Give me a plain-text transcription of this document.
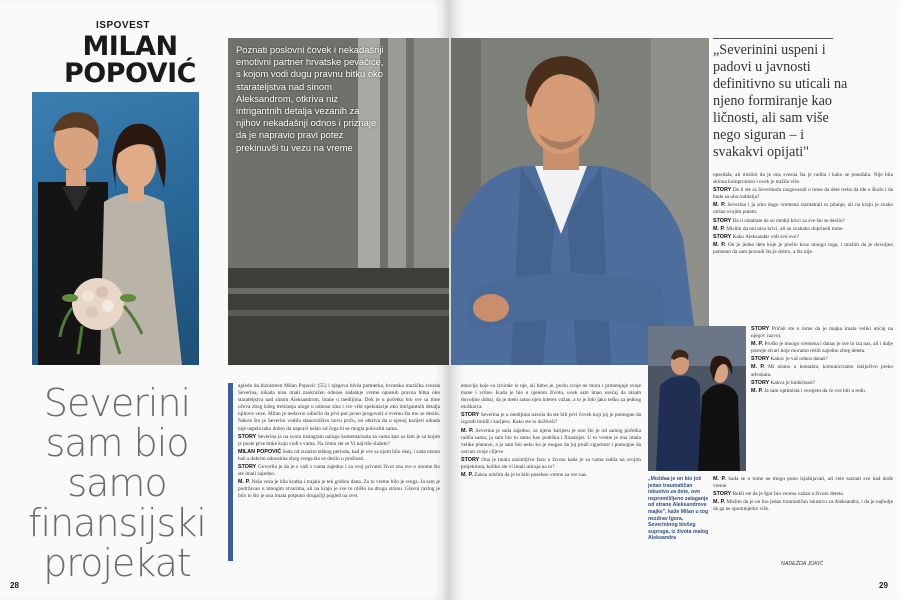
ISPOVEST
MILAN
POPOVIĆ
Poznati poslovni čovek i nekadašnji emotivni partner hrvatske pevačice, s kojom vodi dugu pravnu bitku oko starateljstva nad sinom Aleksandrom, otkriva niz intrigantnih detalja vezanih za njihov nekadašnji odnos i priznaje da je napravio pravi potez prekinuvši tu vezu na vreme
Severini
sam bio
samo
finansijski
projekat

agledu da biznismen Milan Popović (55) i njegova bivša partnerka, hrvatska muzička zvezda Severina, nikada nisu imali zaokružen odnose sadašnje vreme opasnih pravna bitka oko starateljstva nad sinom Aleksandrom, hrane u medijima. Dok je u početku bio sve sa time očeva zbog lošeg tretiranja uloge u odnosu sina i sve više spekulacije oko intrigantnih detalja njihove veze, Milan je nedavno odlučio da prvi put javno progovori o svemu šta mu se desilo. Nakon što je Severini vodila stanovništvo novu priču, on otkriva da u njenoj karijeri nikada nije uspela tako dobro da napravi nešto od čega bi se mogla pohvaliti sama.

STORY Severina je na svom instagram nalogu komentarisala sa vama kao sa kim je sa kojim je posle prve bitke koju vodi s vama. Na čemu ste se Vi najviše slažete?

MILAN POPOVIĆ Sada od izrazito teškog perioda, kad je sve sa njom bilo okej, i sada nismo baš u dobrim odnosima zbog svega što se desilo u prošlosti.

STORY Govorila je da je s vaši s vama zajedno i za svoj privatni život zna sve o onome što ste imali zajedno.

M. P. Naša veza je bila kratka i trajala je tek godinu dana. Za to vreme bilo je svega. Ja sam je podržavao u mnogim stvarima, ali na kraju je sve to otišlo na drugu stranu. Glavni razlog je bilo to što je ona imala potpuno drugačiji pogled na svet.

28
„Severinini uspeni i padovi u javnosti definitivno su uticali na njeno formiranje kao ličnosti, ali sam više nego siguran – i svakakvi opijati"

opsedala, ali mislim da je ona svesna šta je radila i kako se ponašala. Nije bila sklona kompromisu i uvek je tražila više.

STORY Da li ste sa Severinom razgovarali o tome da dete treba da ide u školu i da bude sa oba roditelja?

M. P. Severina i ja smo dugo vremena razmatrali to pitanje, ali na kraju je svako otišao svojim putem.

STORY Da li smatrate da su mediji krivi za sve što se desilo?

M. P. Mislim da oni nisu krivi, ali su svakako doprineli tome.

STORY Kako Aleksandar vidi sve ovo?

M. P. On je jedno dete koje je prošlo kroz mnogo toga, i mislim da je dovoljno pametan da sam prosudi šta je dobro, a šta nije.

emocija koje su izvirale iz nje, ali bitno je, poslu svoje ne mora i primenjuje svoje mane i vrline. Kada je bio u njenom životu, uvek sam imao osećaj da nisam dovoljno dobar, da je meni samo njen interes važan, a to je bilo jako teško za jednog muškarca.

STORY Severina je u medijima navela da ste bili prvi čovek koji joj je pomogao da izgradi imidž i karijeru. Kako ste to doživeli?

M. P. Severina je sada zajedno, za njenu karijeru je ono što je od samog početka radila sama, ja sam bio tu samo kao podrška i finansijer. U to vreme je ona imala velike planove, a ja sam bio neko ko je mogao da joj pruži sigurnost i pomogne da ostvari svoje ciljeve.

STORY Ona je imala zanimljivu fazu u životu kada je sa vama radila na svojim projektima, koliko ste vi imali uticaja na to?

M. P. Zaista mislim da je to bilo posebno vreme za sve nas.

„Moždaa je on bio još jedan traumatičan iskustvo za dete, ovo nepromišljeno zalaganje od strane Aleksandrove majke", kaže Milan u tog nezdrav Igora, Severininog bivšeg supruga, iz života malog Aleksandra

STORY Pričali ste o tome da je majka imala veliki uticaj na njegov razvoj.

M. P. Prošlo je mnogo vremena i danas je sve to iza nas, ali i dalje postoje stvari koje moramo rešiti zajedno zbog deteta.

STORY Kakav je vaš odnos danas?

M. P. Mi nismo u kontaktu, komuniciramo isključivo preko advokata.

STORY Kakva je budućnost?

M. P. Ja sam optimista i verujem da će sve biti u redu.

M. P. Sada se o tome ne mogu puno izjašnjavati, ali ćete saznati sve kad dođe vreme.

STORY Rekli ste da je Igor bio veoma važan u životu deteta.

M. P. Mislim da je on bio jedan traumatičan iskustvo za Aleksandra, i da je najbolje da ga ne spominjemo više.

NADEŽDA JOKIĆ
29
